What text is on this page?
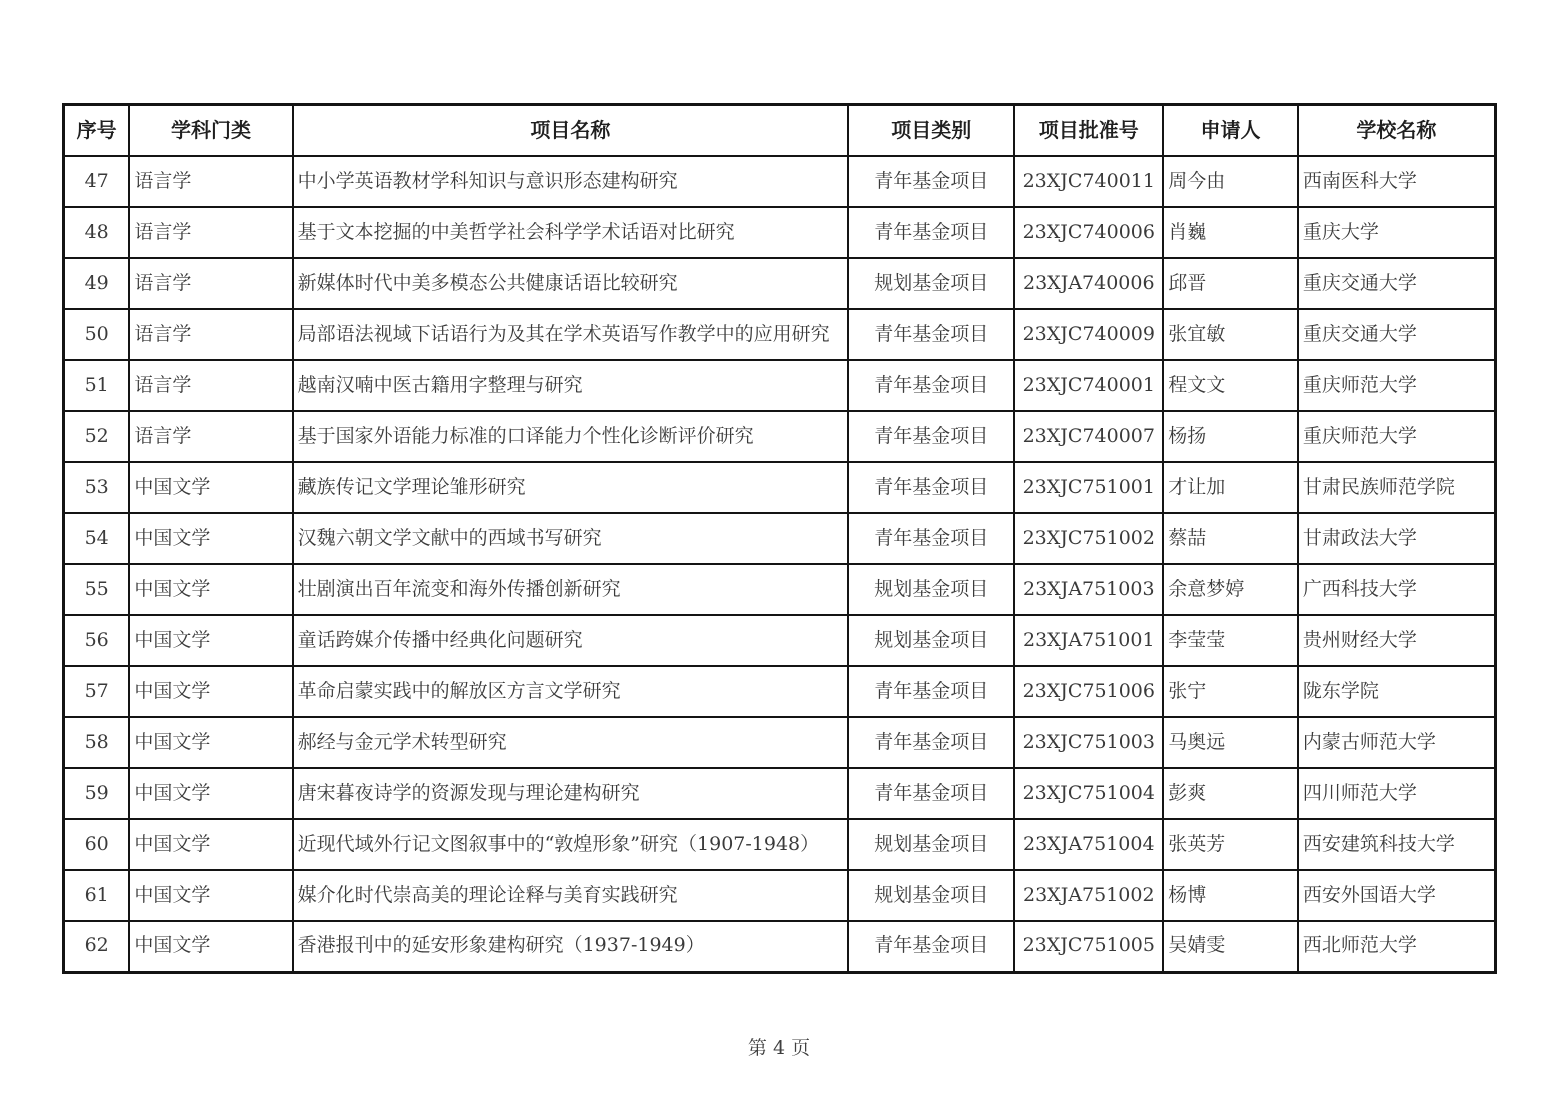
序号	学科门类	项目名称	项目类别	项目批准号	申请人	学校名称
47	语言学	中小学英语教材学科知识与意识形态建构研究	青年基金项目	23XJC740011	周今由	西南医科大学
48	语言学	基于文本挖掘的中美哲学社会科学学术话语对比研究	青年基金项目	23XJC740006	肖巍	重庆大学
49	语言学	新媒体时代中美多模态公共健康话语比较研究	规划基金项目	23XJA740006	邱晋	重庆交通大学
50	语言学	局部语法视域下话语行为及其在学术英语写作教学中的应用研究	青年基金项目	23XJC740009	张宜敏	重庆交通大学
51	语言学	越南汉喃中医古籍用字整理与研究	青年基金项目	23XJC740001	程文文	重庆师范大学
52	语言学	基于国家外语能力标准的口译能力个性化诊断评价研究	青年基金项目	23XJC740007	杨扬	重庆师范大学
53	中国文学	藏族传记文学理论雏形研究	青年基金项目	23XJC751001	才让加	甘肃民族师范学院
54	中国文学	汉魏六朝文学文献中的西域书写研究	青年基金项目	23XJC751002	蔡喆	甘肃政法大学
55	中国文学	壮剧演出百年流变和海外传播创新研究	规划基金项目	23XJA751003	余意梦婷	广西科技大学
56	中国文学	童话跨媒介传播中经典化问题研究	规划基金项目	23XJA751001	李莹莹	贵州财经大学
57	中国文学	革命启蒙实践中的解放区方言文学研究	青年基金项目	23XJC751006	张宁	陇东学院
58	中国文学	郝经与金元学术转型研究	青年基金项目	23XJC751003	马奥远	内蒙古师范大学
59	中国文学	唐宋暮夜诗学的资源发现与理论建构研究	青年基金项目	23XJC751004	彭爽	四川师范大学
60	中国文学	近现代域外行记文图叙事中的“敦煌形象”研究（1907-1948）	规划基金项目	23XJA751004	张英芳	西安建筑科技大学
61	中国文学	媒介化时代崇高美的理论诠释与美育实践研究	规划基金项目	23XJA751002	杨博	西安外国语大学
62	中国文学	香港报刊中的延安形象建构研究（1937-1949）	青年基金项目	23XJC751005	吴婧雯	西北师范大学
第 4 页
